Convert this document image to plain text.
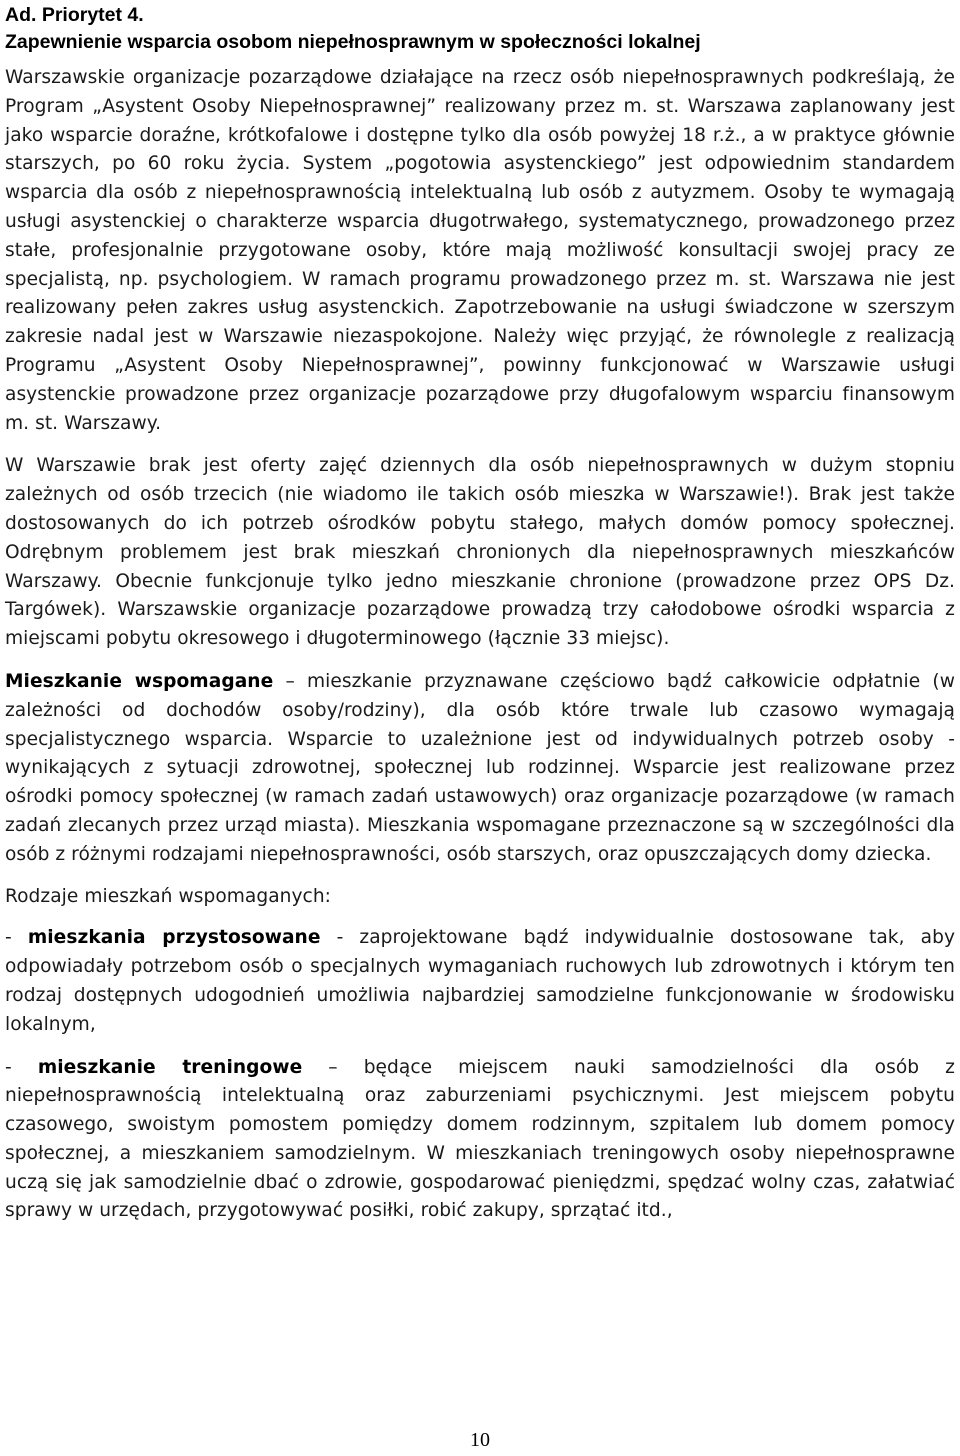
Ad. Priorytet 4.
Zapewnienie wsparcia osobom niepełnosprawnym w społeczności lokalnej

Warszawskie organizacje pozarządowe działające na rzecz osób niepełnosprawnych podkreślają, że Program „Asystent Osoby Niepełnosprawnej” realizowany przez m. st. Warszawa zaplanowany jest jako wsparcie doraźne, krótkofalowe i dostępne tylko dla osób powyżej 18 r.ż., a w praktyce głównie starszych, po 60 roku życia. System „pogotowia asystenckiego” jest odpowiednim standardem wsparcia dla osób z niepełnosprawnością intelektualną lub osób z autyzmem. Osoby te wymagają usługi asystenckiej o charakterze wsparcia długotrwałego, systematycznego, prowadzonego przez stałe, profesjonalnie przygotowane osoby, które mają możliwość konsultacji swojej pracy ze specjalistą, np. psychologiem. W ramach programu prowadzonego przez m. st. Warszawa nie jest realizowany pełen zakres usług asystenckich. Zapotrzebowanie na usługi świadczone w szerszym zakresie nadal jest w Warszawie niezaspokojone. Należy więc przyjąć, że równolegle z realizacją Programu „Asystent Osoby Niepełnosprawnej”, powinny funkcjonować w Warszawie usługi asystenckie prowadzone przez organizacje pozarządowe przy długofalowym wsparciu finansowym m. st. Warszawy.

W Warszawie brak jest oferty zajęć dziennych dla osób niepełnosprawnych w dużym stopniu zależnych od osób trzecich (nie wiadomo ile takich osób mieszka w Warszawie!). Brak jest także dostosowanych do ich potrzeb ośrodków pobytu stałego, małych domów pomocy społecznej. Odrębnym problemem jest brak mieszkań chronionych dla niepełnosprawnych mieszkańców Warszawy. Obecnie funkcjonuje tylko jedno mieszkanie chronione (prowadzone przez OPS Dz. Targówek). Warszawskie organizacje pozarządowe prowadzą trzy całodobowe ośrodki wsparcia z miejscami pobytu okresowego i długoterminowego (łącznie 33 miejsc).

Mieszkanie wspomagane – mieszkanie przyznawane częściowo bądź całkowicie odpłatnie (w zależności od dochodów osoby/rodziny), dla osób które trwale lub czasowo wymagają specjalistycznego wsparcia. Wsparcie to uzależnione jest od indywidualnych potrzeb osoby - wynikających z sytuacji zdrowotnej, społecznej lub rodzinnej. Wsparcie jest realizowane przez ośrodki pomocy społecznej (w ramach zadań ustawowych) oraz organizacje pozarządowe (w ramach zadań zlecanych przez urząd miasta). Mieszkania wspomagane przeznaczone są w szczególności dla osób z różnymi rodzajami niepełnosprawności, osób starszych, oraz opuszczających domy dziecka.

Rodzaje mieszkań wspomaganych:

- mieszkania przystosowane - zaprojektowane bądź indywidualnie dostosowane tak, aby odpowiadały potrzebom osób o specjalnych wymaganiach ruchowych lub zdrowotnych i którym ten rodzaj dostępnych udogodnień umożliwia najbardziej samodzielne funkcjonowanie w środowisku lokalnym,

- mieszkanie treningowe – będące miejscem nauki samodzielności dla osób z niepełnosprawnością intelektualną oraz zaburzeniami psychicznymi. Jest miejscem pobytu czasowego, swoistym pomostem pomiędzy domem rodzinnym, szpitalem lub domem pomocy społecznej, a mieszkaniem samodzielnym. W mieszkaniach treningowych osoby niepełnosprawne uczą się jak samodzielnie dbać o zdrowie, gospodarować pieniędzmi, spędzać wolny czas, załatwiać sprawy w urzędach, przygotowywać posiłki, robić zakupy, sprzątać itd.,

10
